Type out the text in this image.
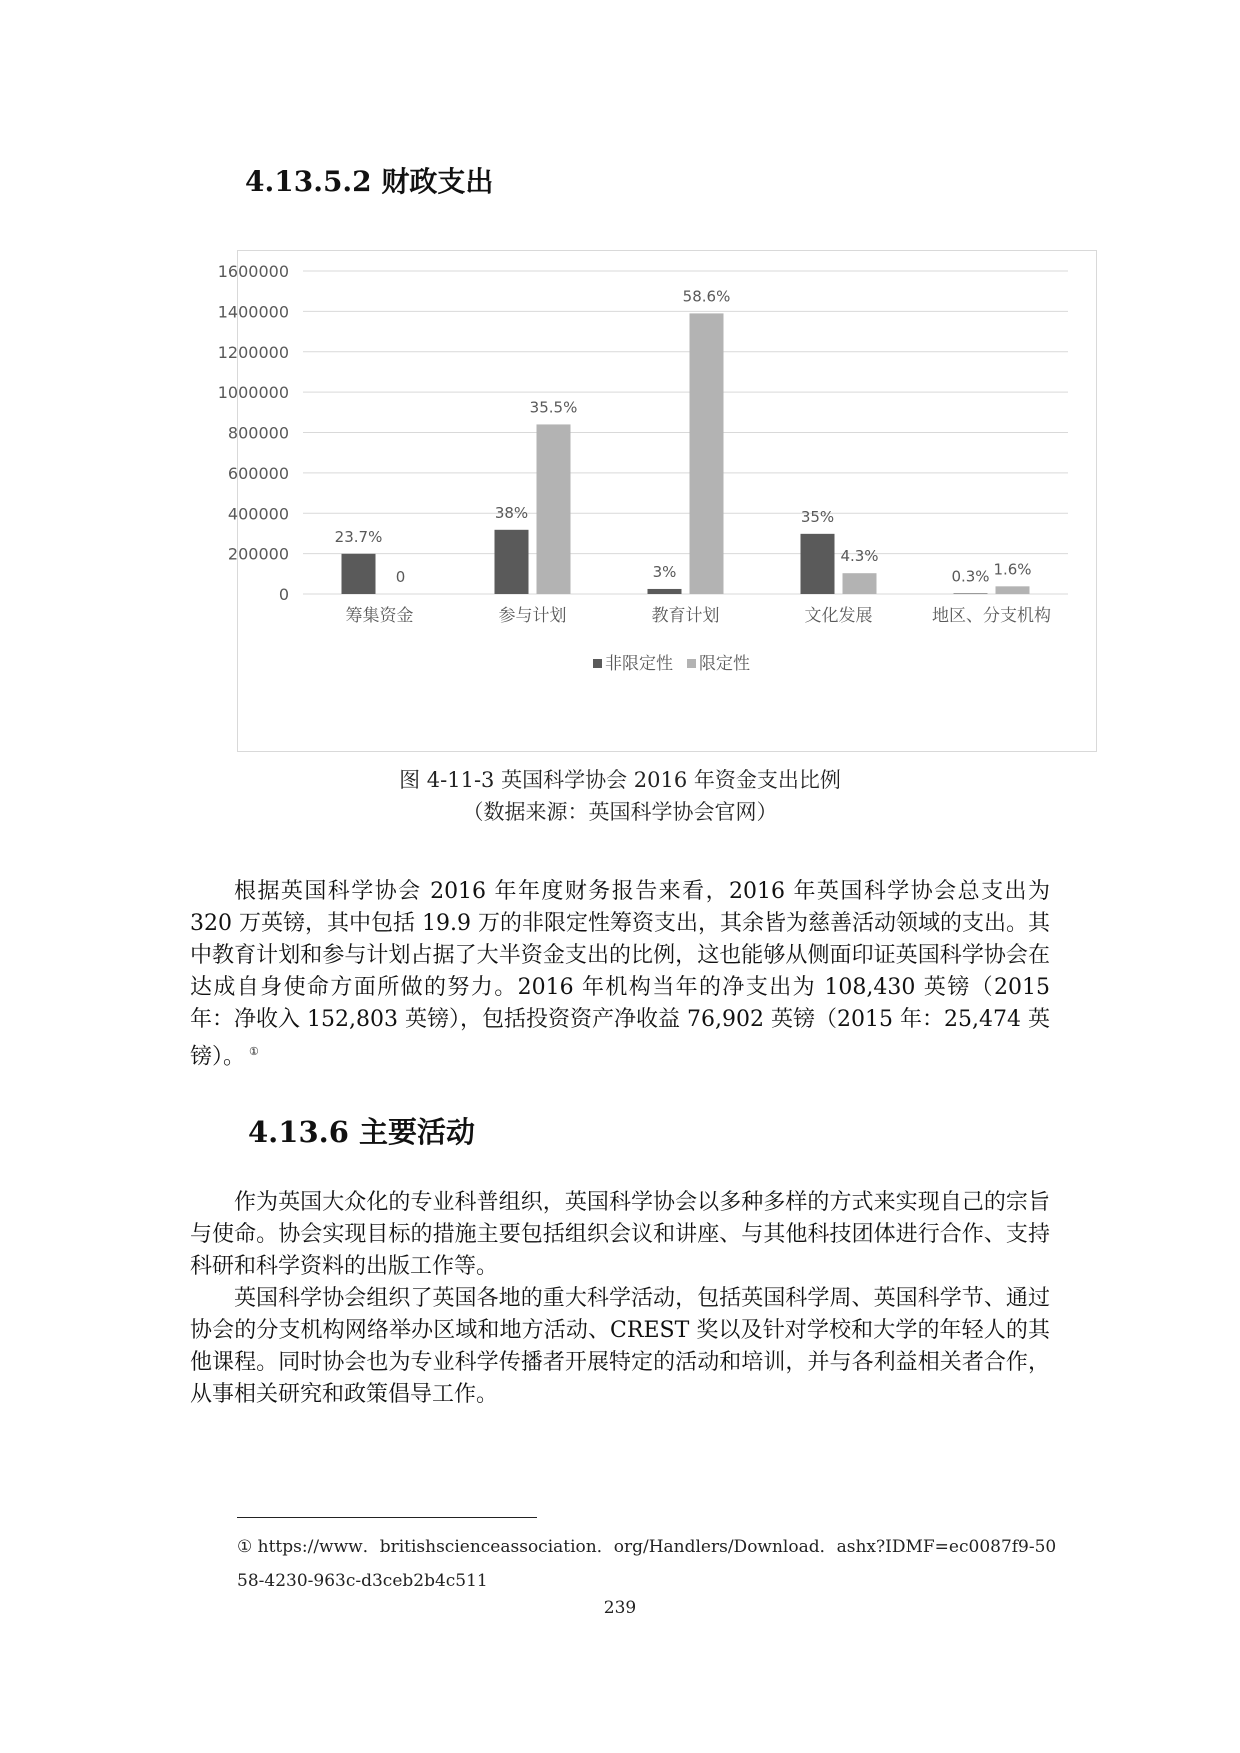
4.13.5.2 财政支出
0
200000
400000
600000
800000
1000000
1200000
1400000
1600000
23.7%
0
筹集资金
38%
35.5%
参与计划
3%
58.6%
教育计划
35%
4.3%
文化发展
0.3% 1.6%
地区、分支机构
非限定性 限定性
图 4-11-3 英国科学协会 2016 年资金支出比例
（数据来源：英国科学协会官网）

根据英国科学协会 2016 年年度财务报告来看，2016 年英国科学协会总支出为 320 万英镑，其中包括 19.9 万的非限定性筹资支出，其余皆为慈善活动领域的支出。其中教育计划和参与计划占据了大半资金支出的比例，这也能够从侧面印证英国科学协会在达成自身使命方面所做的努力。2016 年机构当年的净支出为 108,430 英镑（2015 年：净收入 152,803 英镑），包括投资资产净收益 76,902 英镑（2015 年：25,474 英镑）。 ①

4.13.6 主要活动

作为英国大众化的专业科普组织，英国科学协会以多种多样的方式来实现自己的宗旨与使命。协会实现目标的措施主要包括组织会议和讲座、与其他科技团体进行合作、支持科研和科学资料的出版工作等。

英国科学协会组织了英国各地的重大科学活动，包括英国科学周、英国科学节、通过协会的分支机构网络举办区域和地方活动、CREST 奖以及针对学校和大学的年轻人的其他课程。同时协会也为专业科学传播者开展特定的活动和培训，并与各利益相关者合作，从事相关研究和政策倡导工作。

① https://www．britishscienceassociation．org/Handlers/Download．ashx?IDMF=ec0087f9-5058-4230-963c-d3ceb2b4c511
239
